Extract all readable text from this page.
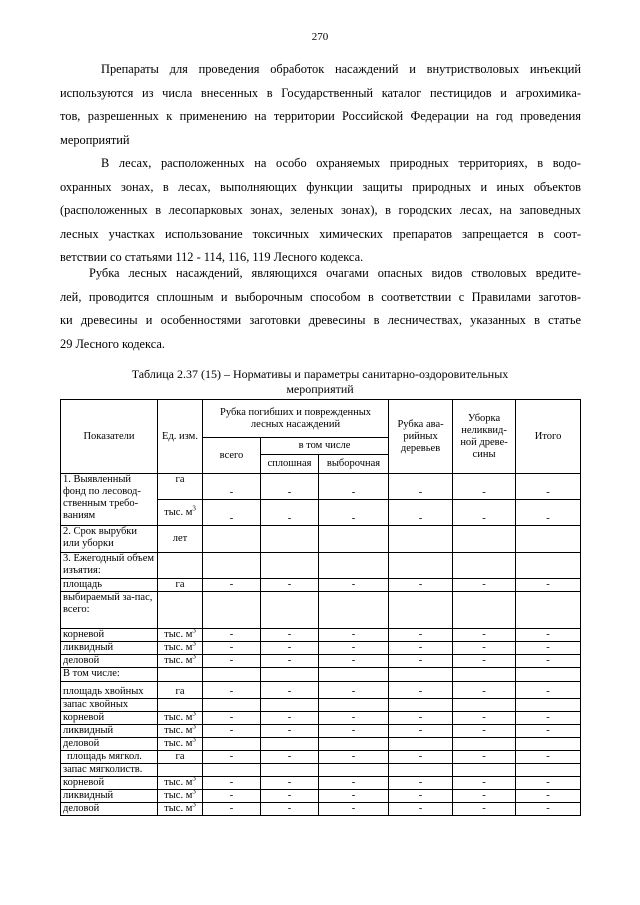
270
Препараты для проведения обработок насаждений и внутристволовых инъекций
используются из числа внесенных в Государственный каталог пестицидов и агрохимика-
тов, разрешенных к применению на территории Российской Федерации на год проведения
мероприятий
В лесах, расположенных на особо охраняемых природных территориях, в водо-
охранных зонах, в лесах, выполняющих функции защиты природных и иных объектов
(расположенных в лесопарковых зонах, зеленых зонах), в городских лесах, на заповедных
лесных участках использование токсичных химических препаратов запрещается в соот-
ветствии со статьями 112 - 114, 116, 119 Лесного кодекса.
Рубка лесных насаждений, являющихся очагами опасных видов стволовых вредите-
лей, проводится сплошным и выборочным способом в соответствии с Правилами заготов-
ки древесины и особенностями заготовки древесины в лесничествах, указанных в статье
29 Лесного кодекса.
Таблица 2.37 (15) – Нормативы и параметры санитарно-оздоровительных
мероприятий
Показатели	Ед. изм.	Рубка погибших и поврежденных лесных насаждений			Рубка ава-рийных деревьев	Уборка неликвид-ной древе-сины	Итого
		всего	в том числе				
			сплошная	выборочная			
1. Выявленный фонд по лесовод-ственным требо-ваниям	га	-	-	-	-	-	-
	тыс. $м^3$	-	-	-	-	-	-
2. Срок вырубки или уборки	лет						
3. Ежегодный объем изъятия:							
площадь	га	-	-	-	-	-	-
выбираемый за-пас, всего:							
корневой	тыс. $м^3$	-	-	-	-	-	-
ликвидный	тыс. $м^3$	-	-	-	-	-	-
деловой	тыс. $м^3$	-	-	-	-	-	-
В том числе:							
площадь хвойных	га	-	-	-	-	-	-
запас хвойных							
корневой	тыс. $м^3$	-	-	-	-	-	-
ликвидный	тыс. $м^3$	-	-	-	-	-	-
деловой	тыс. $м^3$						
площадь мягкол.	га	-	-	-	-	-	-
запас мягколиств.							
корневой	тыс. $м^3$	-	-	-	-	-	-
ликвидный	тыс. $м^3$	-	-	-	-	-	-
деловой	тыс. $м^3$	-	-	-	-	-	-
